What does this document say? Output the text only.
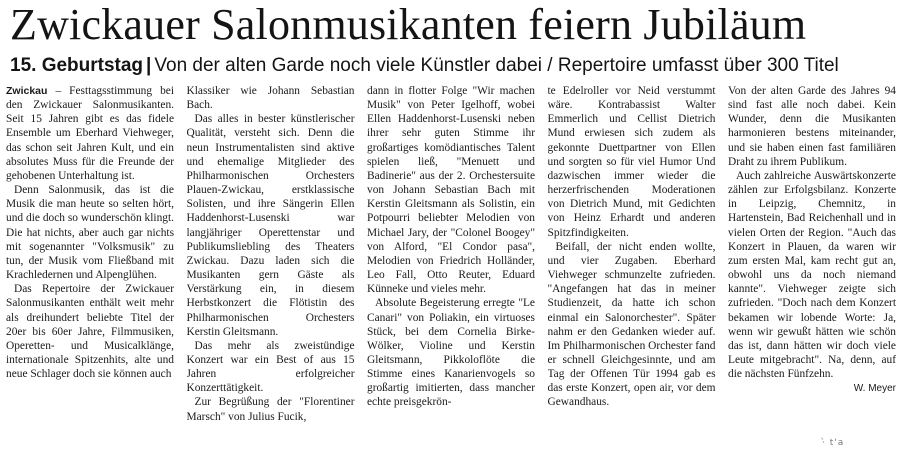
Zwickauer Salonmusikanten feiern Jubiläum
15. Geburtstag | Von der alten Garde noch viele Künstler dabei / Repertoire umfasst über 300 Titel

Zwickau – Festtagsstimmung bei den Zwickauer Salonmusikanten. Seit 15 Jahren gibt es das fidele Ensemble um Eberhard Viehweger, das schon seit Jahren Kult, und ein absolutes Muss für die Freunde der gehobenen Unterhaltung ist.

Denn Salonmusik, das ist die Musik die man heute so selten hört, und die doch so wunderschön klingt. Die hat nichts, aber auch gar nichts mit sogenannter "Volksmusik" zu tun, der Musik vom Fließband mit Krachledernen und Alpenglühen.

Das Repertoire der Zwickauer Salonmusikanten enthält weit mehr als dreihundert beliebte Titel der 20er bis 60er Jahre, Filmmusiken, Operetten- und Musicalklänge, internationale Spitzenhits, alte und neue Schlager doch sie können auch

Klassiker wie Johann Sebastian Bach.

Das alles in bester künstlerischer Qualität, versteht sich. Denn die neun Instrumentalisten sind aktive und ehemalige Mitglieder des Philharmonischen Orchesters Plauen-Zwickau, erstklassische Solisten, und ihre Sängerin Ellen Haddenhorst-Lusenski war langjähriger Operettenstar und Publikumsliebling des Theaters Zwickau. Dazu laden sich die Musikanten gern Gäste als Verstärkung ein, in diesem Herbstkonzert die Flötistin des Philharmonischen Orchesters Kerstin Gleitsmann.

Das mehr als zweistündige Konzert war ein Best of aus 15 Jahren erfolgreicher Konzerttätigkeit.

Zur Begrüßung der "Florentiner Marsch" von Julius Fucik,

dann in flotter Folge "Wir machen Musik" von Peter Igelhoff, wobei Ellen Haddenhorst-Lusenski neben ihrer sehr guten Stimme ihr großartiges komödiantisches Talent spielen ließ, "Menuett und Badinerie" aus der 2. Orchestersuite von Johann Sebastian Bach mit Kerstin Gleitsmann als Solistin, ein Potpourri beliebter Melodien von Michael Jary, der "Colonel Boogey" von Alford, "El Condor pasa", Melodien von Friedrich Holländer, Leo Fall, Otto Reuter, Eduard Künneke und vieles mehr.

Absolute Begeisterung erregte "Le Canari" von Poliakin, ein virtuoses Stück, bei dem Cornelia Birke-Wölker, Violine und Kerstin Gleitsmann, Pikkoloflöte die Stimme eines Kanarienvogels so großartig imitierten, dass mancher echte preisgekrön-

te Edelroller vor Neid verstummt wäre. Kontrabassist Walter Emmerlich und Cellist Dietrich Mund erwiesen sich zudem als gekonnte Duettpartner von Ellen und sorgten so für viel Humor Und dazwischen immer wieder die herzerfrischenden Moderationen von Dietrich Mund, mit Gedichten von Heinz Erhardt und anderen Spitzfindigkeiten.

Beifall, der nicht enden wollte, und vier Zugaben. Eberhard Viehweger schmunzelte zufrieden. "Angefangen hat das in meiner Studienzeit, da hatte ich schon einmal ein Salonorchester". Später nahm er den Gedanken wieder auf. Im Philharmonischen Orchester fand er schnell Gleichgesinnte, und am Tag der Offenen Tür 1994 gab es das erste Konzert, open air, vor dem Gewandhaus.

Von der alten Garde des Jahres 94 sind fast alle noch dabei. Kein Wunder, denn die Musikanten harmonieren bestens miteinander, und sie haben einen fast familiären Draht zu ihrem Publikum.

Auch zahlreiche Auswärtskonzerte zählen zur Erfolgsbilanz. Konzerte in Leipzig, Chemnitz, in Hartenstein, Bad Reichenhall und in vielen Orten der Region. "Auch das Konzert in Plauen, da waren wir zum ersten Mal, kam recht gut an, obwohl uns da noch niemand kannte". Viehweger zeigte sich zufrieden. "Doch nach dem Konzert bekamen wir lobende Worte: Ja, wenn wir gewußt hätten wie schön das ist, dann hätten wir doch viele Leute mitgebracht". Na, denn, auf die nächsten Fünfzehn.

W. Meyer
·̀ t'a
